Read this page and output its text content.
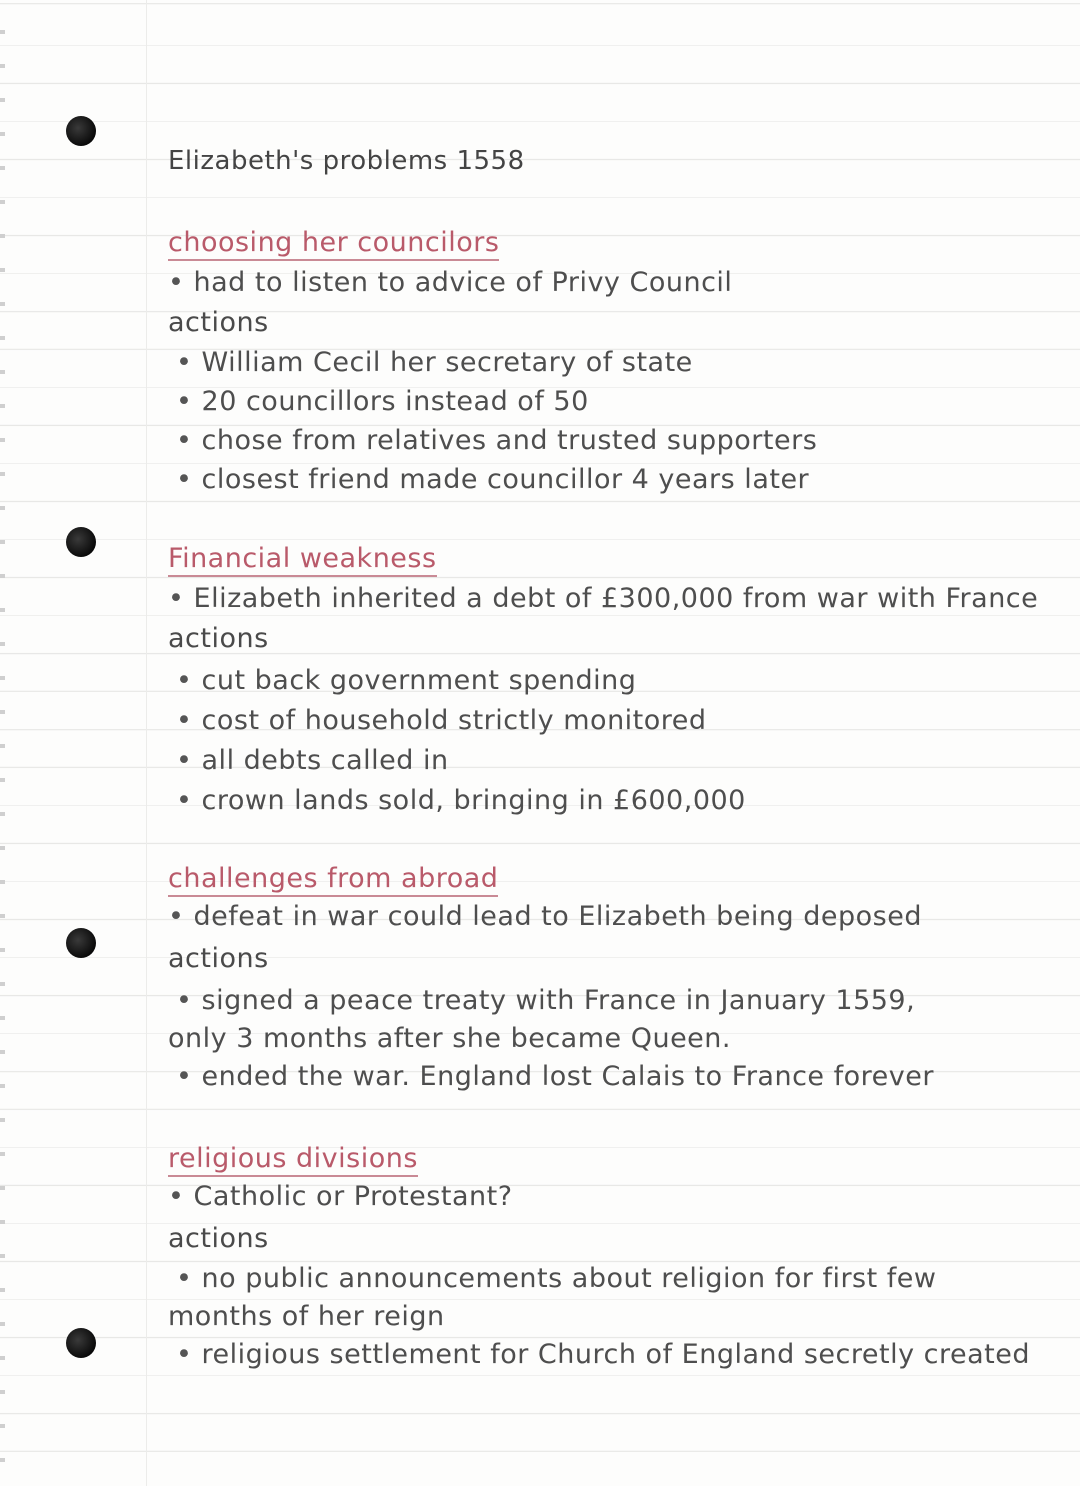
Elizabeth's problems 1558
choosing her councilors
• had to listen to advice of Privy Council
actions
• William Cecil her secretary of state
• 20 councillors instead of 50
• chose from relatives and trusted supporters
• closest friend made councillor 4 years later
Financial weakness
• Elizabeth inherited a debt of £300,000 from war with France
actions
• cut back government spending
• cost of household strictly monitored
• all debts called in
• crown lands sold, bringing in £600,000
challenges from abroad
• defeat in war could lead to Elizabeth being deposed
actions
• signed a peace treaty with France in January 1559,
only 3 months after she became Queen.
• ended the war. England lost Calais to France forever
religious divisions
• Catholic or Protestant?
actions
• no public announcements about religion for first few
months of her reign
• religious settlement for Church of England secretly created
